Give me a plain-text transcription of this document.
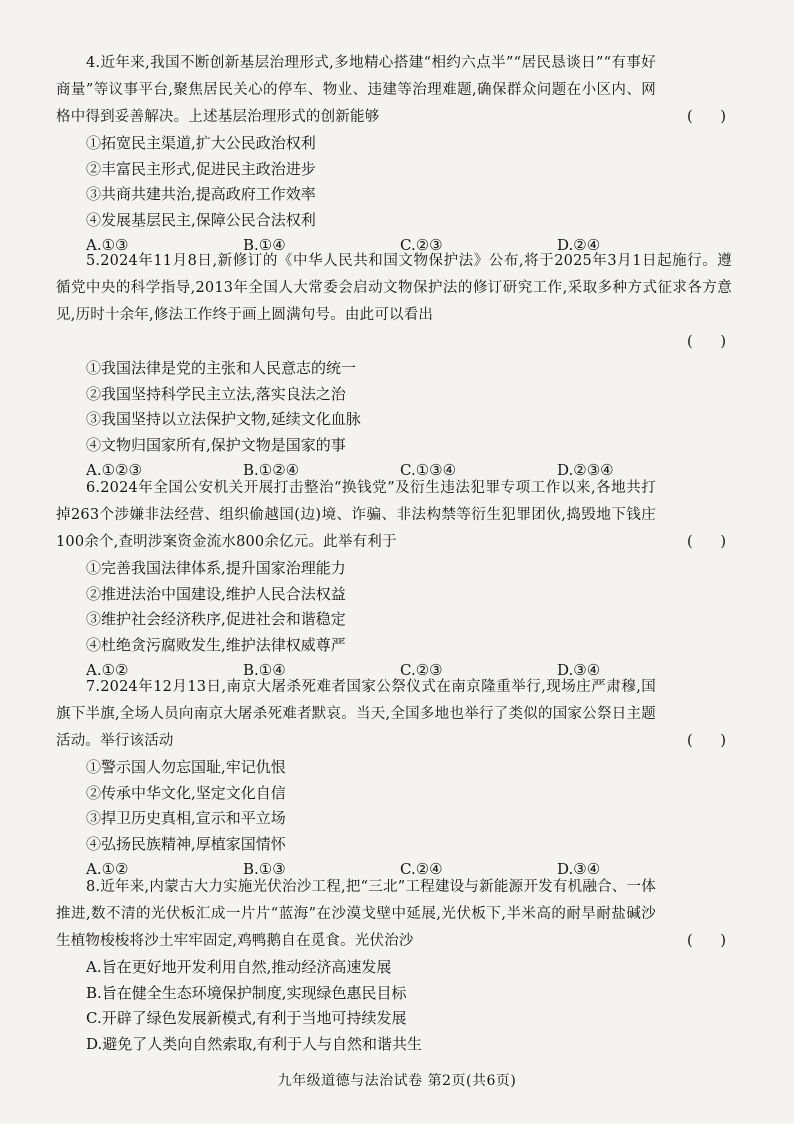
4.近年来,我国不断创新基层治理形式,多地精心搭建“相约六点半”“居民恳谈日”“有事好商量”等议事平台,聚焦居民关心的停车、物业、违建等治理难题,确保群众问题在小区内、网格中得到妥善解决。上述基层治理形式的创新能够	(      )

①拓宽民主渠道,扩大公民政治权利

②丰富民主形式,促进民主政治进步

③共商共建共治,提高政府工作效率

④发展基层民主,保障公民合法权利

A.①③	B.①④	C.②③	D.②④

5.2024年11月8日,新修订的《中华人民共和国文物保护法》公布,将于2025年3月1日起施行。遵循党中央的科学指导,2013年全国人大常委会启动文物保护法的修订研究工作,采取多种方式征求各方意见,历时十余年,修法工作终于画上圆满句号。由此可以看出

(      )

①我国法律是党的主张和人民意志的统一

②我国坚持科学民主立法,落实良法之治

③我国坚持以立法保护文物,延续文化血脉

④文物归国家所有,保护文物是国家的事

A.①②③	B.①②④	C.①③④	D.②③④

6.2024年全国公安机关开展打击整治“换钱党”及衍生违法犯罪专项工作以来,各地共打掉263个涉嫌非法经营、组织偷越国(边)境、诈骗、非法构禁等衍生犯罪团伙,捣毁地下钱庄100余个,查明涉案资金流水800余亿元。此举有利于	(      )

①完善我国法律体系,提升国家治理能力

②推进法治中国建设,维护人民合法权益

③维护社会经济秩序,促进社会和谐稳定

④杜绝贪污腐败发生,维护法律权威尊严

A.①②	B.①④	C.②③	D.③④

7.2024年12月13日,南京大屠杀死难者国家公祭仪式在南京隆重举行,现场庄严肃穆,国旗下半旗,全场人员向南京大屠杀死难者默哀。当天,全国多地也举行了类似的国家公祭日主题活动。举行该活动	(      )

①警示国人勿忘国耻,牢记仇恨

②传承中华文化,坚定文化自信

③捍卫历史真相,宣示和平立场

④弘扬民族精神,厚植家国情怀

A.①②	B.①③	C.②④	D.③④

8.近年来,内蒙古大力实施光伏治沙工程,把“三北”工程建设与新能源开发有机融合、一体推进,数不清的光伏板汇成一片片“蓝海”在沙漠戈壁中延展,光伏板下,半米高的耐旱耐盐碱沙生植物梭梭将沙土牢牢固定,鸡鸭鹅自在觅食。光伏治沙	(      )

A.旨在更好地开发利用自然,推动经济高速发展

B.旨在健全生态环境保护制度,实现绿色惠民目标

C.开辟了绿色发展新模式,有利于当地可持续发展

D.避免了人类向自然索取,有利于人与自然和谐共生

九年级道德与法治试卷 第2页(共6页)
